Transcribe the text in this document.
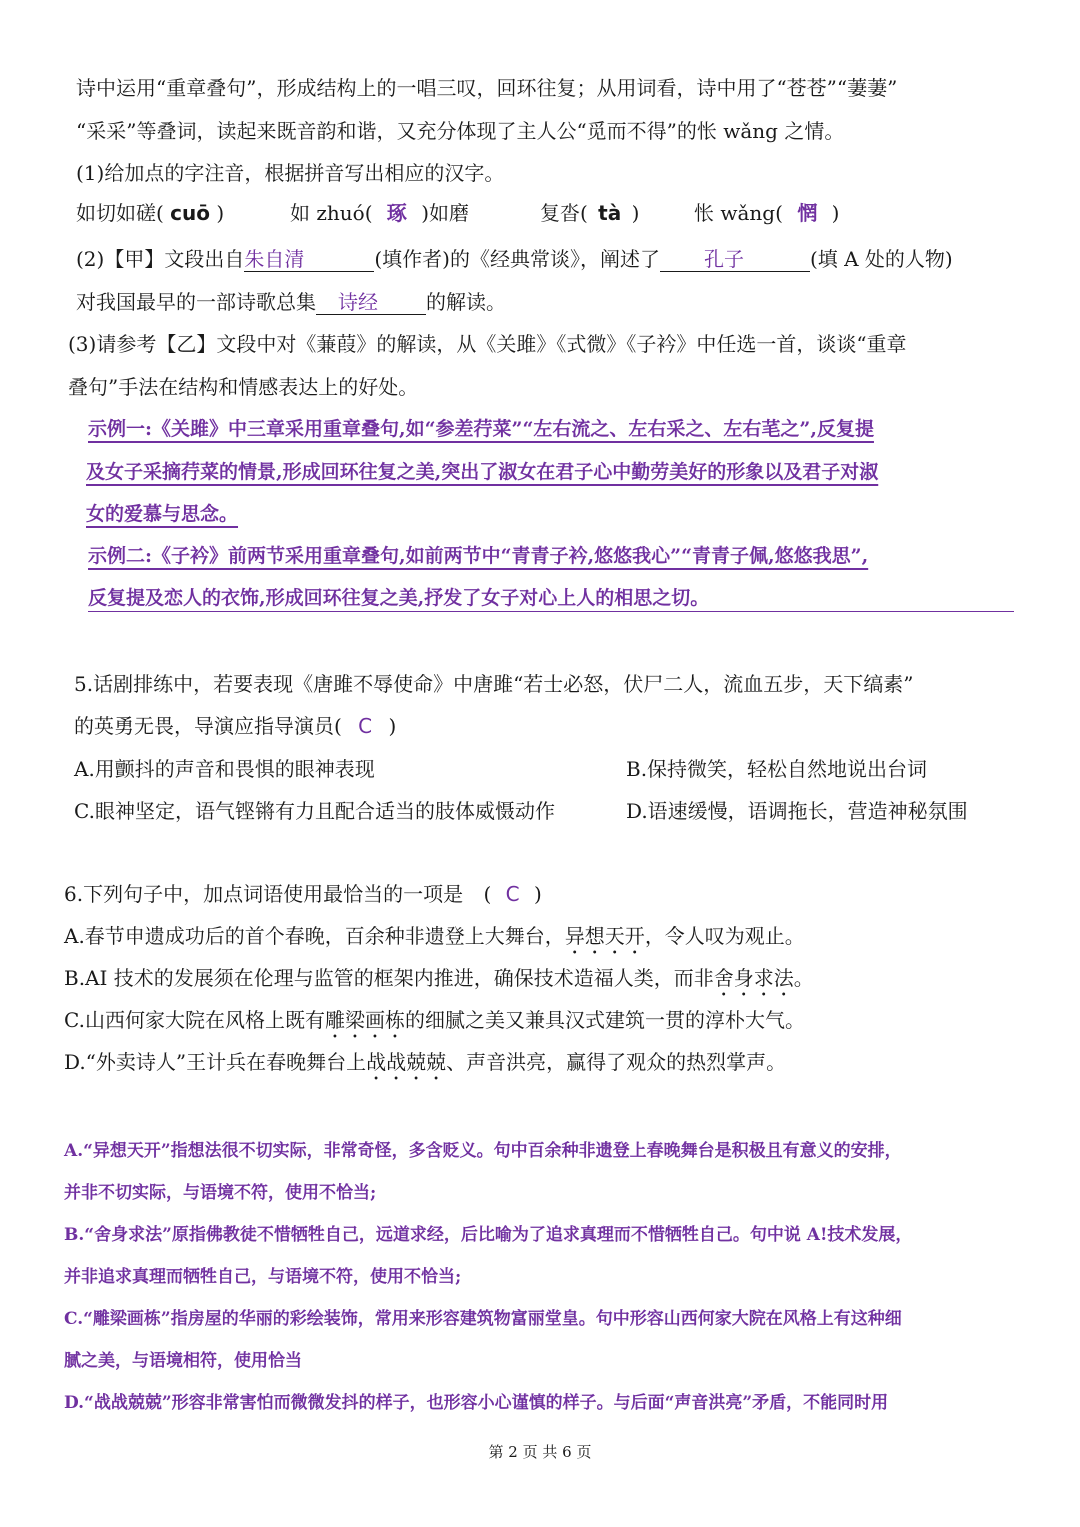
诗中运用“重章叠句”，形成结构上的一唱三叹，回环往复；从用词看，诗中用了“苍苍”“萋萋”
“采采”等叠词，读起来既音韵和谐，又充分体现了主人公“觅而不得”的怅 wǎng 之情。
(1)给加点的字注音，根据拼音写出相应的汉字。
如切如磋( cuō )	如 zhuó( 琢 )如磨	复沓( tà )	怅 wǎng( 惘 )
(2)【甲】文段出自朱自清	(填作者)的《经典常谈》，阐述了 孔子	(填 A 处的人物)
对我国最早的一部诗歌总集 诗经 的解读。
(3)请参考【乙】文段中对《蒹葭》的解读，从《关雎》《式微》《子衿》中任选一首，谈谈“重章
叠句”手法在结构和情感表达上的好处。
示例一:《关雎》中三章采用重章叠句,如“参差荇菜”“左右流之、左右采之、左右芼之”,反复提
及女子采摘荇菜的情景,形成回环往复之美,突出了淑女在君子心中勤劳美好的形象以及君子对淑
女的爱慕与思念。
示例二:《子衿》前两节采用重章叠句,如前两节中“青青子衿,悠悠我心”“青青子佩,悠悠我思”,
反复提及恋人的衣饰,形成回环往复之美,抒发了女子对心上人的相思之切。
5.话剧排练中，若要表现《唐雎不辱使命》中唐雎“若士必怒，伏尸二人，流血五步，天下缟素”
的英勇无畏，导演应指导演员( C )
A.用颤抖的声音和畏惧的眼神表现	B.保持微笑，轻松自然地说出台词
C.眼神坚定，语气铿锵有力且配合适当的肢体威慑动作	D.语速缓慢，语调拖长，营造神秘氛围
6.下列句子中，加点词语使用最恰当的一项是 ( C )
A.春节申遗成功后的首个春晚，百余种非遗登上大舞台，异想天开，令人叹为观止。
B.AI 技术的发展须在伦理与监管的框架内推进，确保技术造福人类，而非舍身求法。
C.山西何家大院在风格上既有雕梁画栋的细腻之美又兼具汉式建筑一贯的淳朴大气。
D.“外卖诗人”王计兵在春晚舞台上战战兢兢、声音洪亮，赢得了观众的热烈掌声。
A.“异想天开”指想法很不切实际，非常奇怪，多含贬义。句中百余种非遗登上春晚舞台是积极且有意义的安排，
并非不切实际，与语境不符，使用不恰当;
B.“舍身求法”原指佛教徒不惜牺牲自己，远道求经，后比喻为了追求真理而不惜牺牲自己。句中说 A!技术发展，
并非追求真理而牺牲自己，与语境不符，使用不恰当;
C.“雕梁画栋”指房屋的华丽的彩绘装饰，常用来形容建筑物富丽堂皇。句中形容山西何家大院在风格上有这种细
腻之美，与语境相符，使用恰当
D.“战战兢兢”形容非常害怕而微微发抖的样子，也形容小心谨慎的样子。与后面“声音洪亮”矛盾，不能同时用
第 2 页 共 6 页
